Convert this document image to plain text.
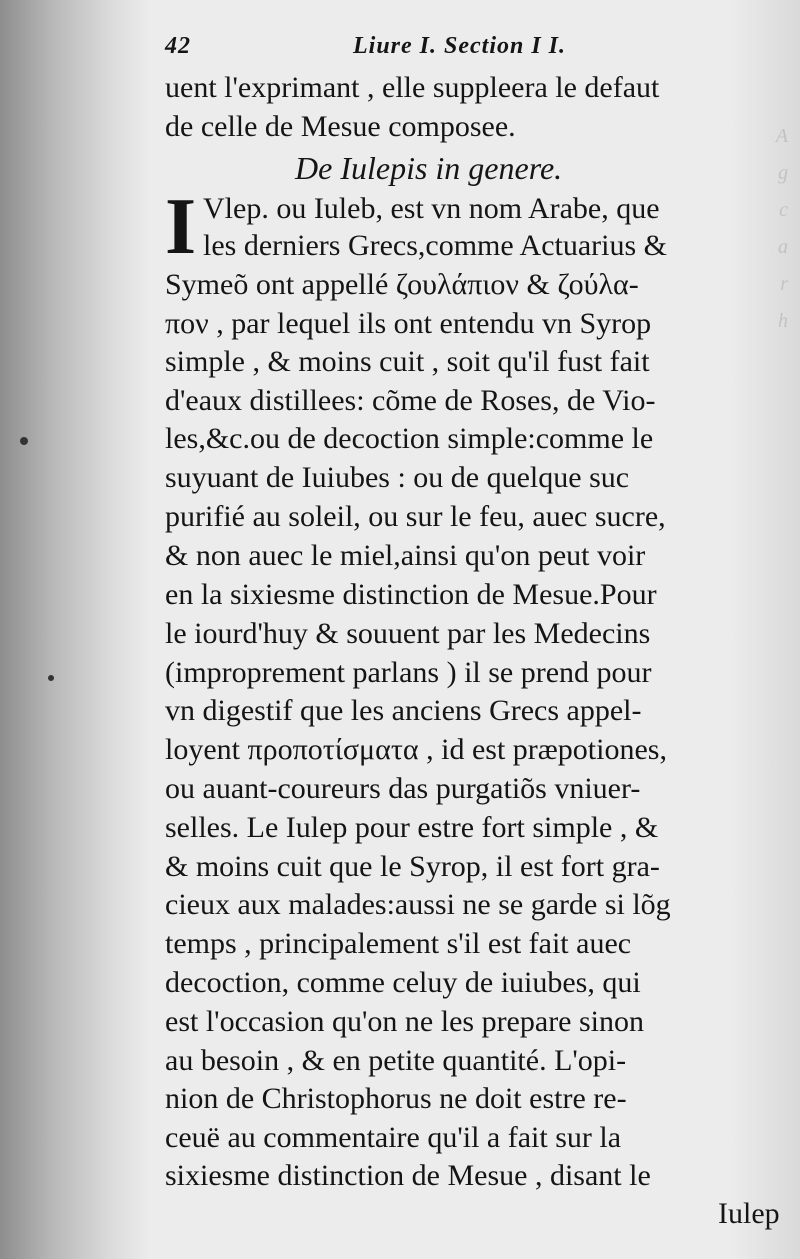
A
g
c
a
r
h
42	Liure I. Section I I.
uent l'exprimant , elle suppleera le defaut
de celle de Mesue composee.
De Iulepis in genere.
I Vlep. ou Iuleb, est vn nom Arabe, que
les derniers Grecs,comme Actuarius &
Symeõ ont appellé ζουλάπιον & ζούλα-
πον , par lequel ils ont entendu vn Syrop
simple , & moins cuit , soit qu'il fust fait
d'eaux distillees: cõme de Roses, de Vio-
les,&c.ou de decoction simple:comme le
suyuant de Iuiubes : ou de quelque suc
purifié au soleil, ou sur le feu, auec sucre,
& non auec le miel,ainsi qu'on peut voir
en la sixiesme distinction de Mesue.Pour
le iourd'huy & souuent par les Medecins
(improprement parlans ) il se prend pour
vn digestif que les anciens Grecs appel-
loyent προποτίσματα , id est præpotiones,
ou auant-coureurs das purgatiõs vniuer-
selles. Le Iulep pour estre fort simple , &
& moins cuit que le Syrop, il est fort gra-
cieux aux malades:aussi ne se garde si lõg
temps , principalement s'il est fait auec
decoction, comme celuy de iuiubes, qui
est l'occasion qu'on ne les prepare sinon
au besoin , & en petite quantité. L'opi-
nion de Christophorus ne doit estre re-
ceuë au commentaire qu'il a fait sur la
sixiesme distinction de Mesue , disant le
Iulep
